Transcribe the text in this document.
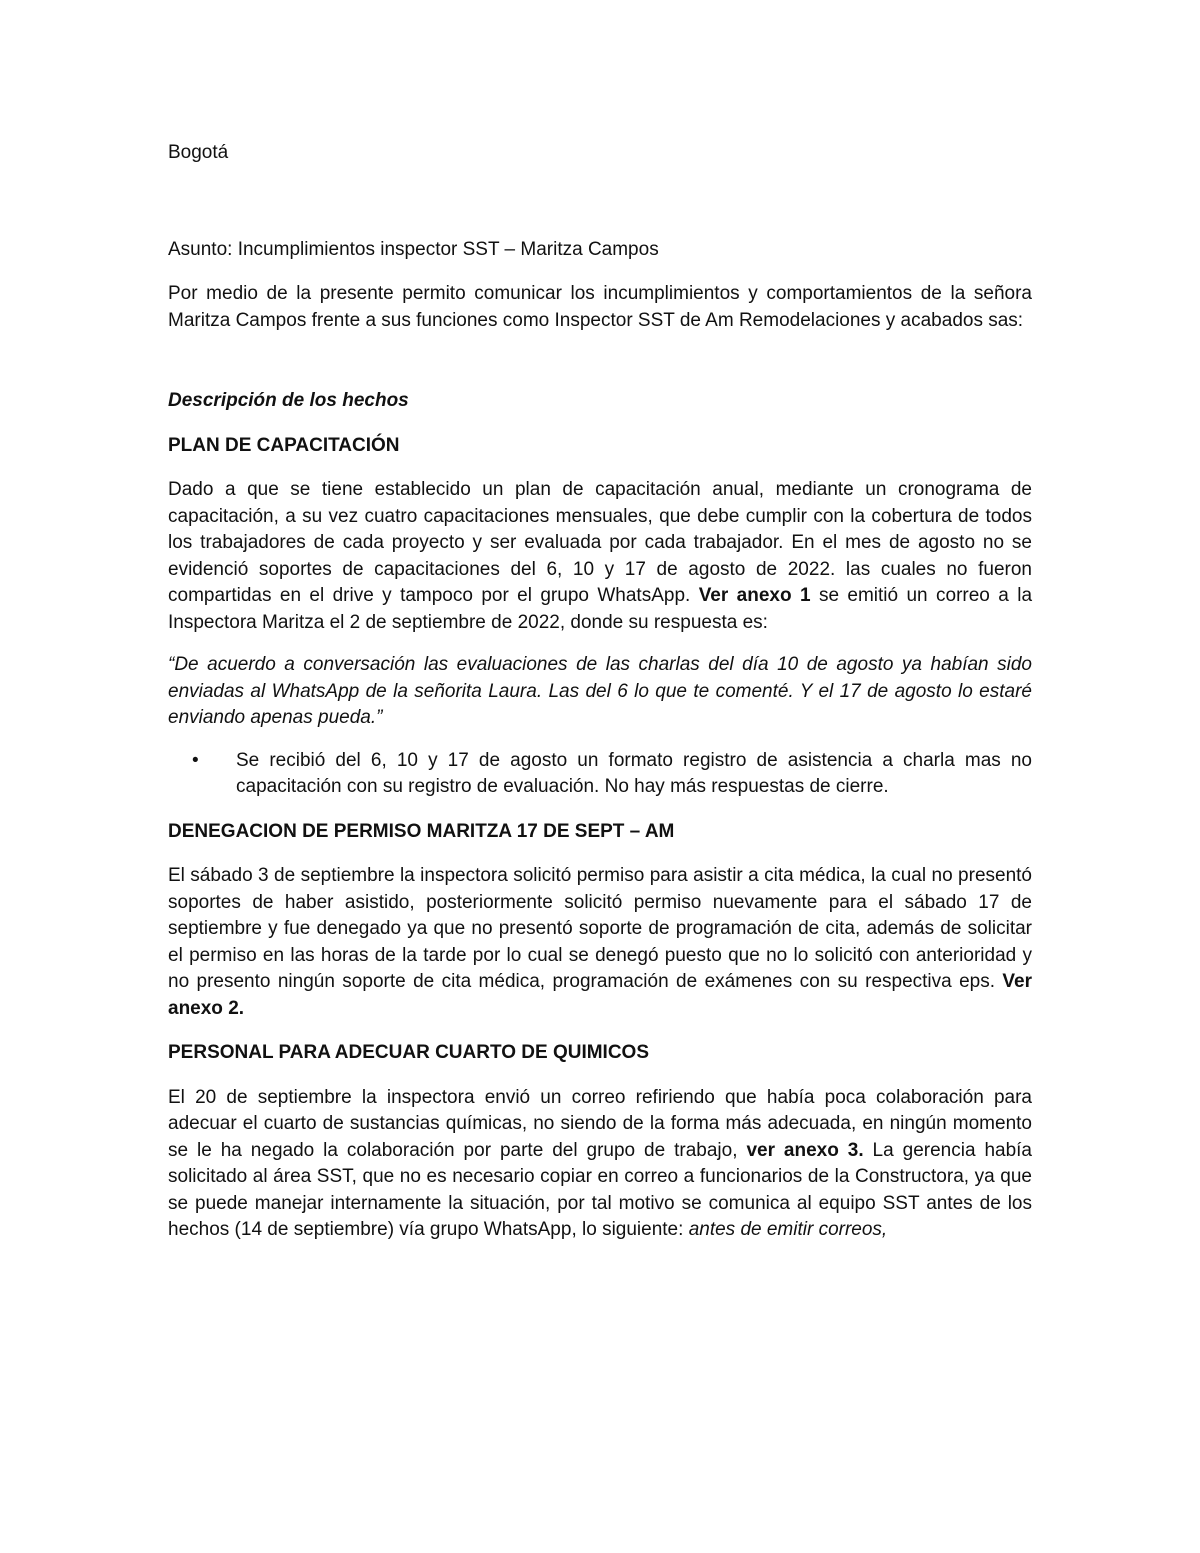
Bogotá

Asunto: Incumplimientos inspector SST – Maritza Campos

Por medio de la presente permito comunicar los incumplimientos y comportamientos de la señora Maritza Campos frente a sus funciones como Inspector SST de Am Remodelaciones y acabados sas:

Descripción de los hechos

PLAN DE CAPACITACIÓN

Dado a que se tiene establecido un plan de capacitación anual, mediante un cronograma de capacitación, a su vez cuatro capacitaciones mensuales, que debe cumplir con la cobertura de todos los trabajadores de cada proyecto y ser evaluada por cada trabajador. En el mes de agosto no se evidenció soportes de capacitaciones del 6, 10 y 17 de agosto de 2022. las cuales no fueron compartidas en el drive y tampoco por el grupo WhatsApp. Ver anexo 1 se emitió un correo a la Inspectora Maritza el 2 de septiembre de 2022, donde su respuesta es:

“De acuerdo a conversación las evaluaciones de las charlas del día 10 de agosto ya habían sido enviadas al WhatsApp de la señorita Laura. Las del 6 lo que te comenté. Y el 17 de agosto lo estaré enviando apenas pueda.”

•	Se recibió del 6, 10 y 17 de agosto un formato registro de asistencia a charla mas no capacitación con su registro de evaluación. No hay más respuestas de cierre.

DENEGACION DE PERMISO MARITZA 17 DE SEPT – AM

El sábado 3 de septiembre la inspectora solicitó permiso para asistir a cita médica, la cual no presentó soportes de haber asistido, posteriormente solicitó permiso nuevamente para el sábado 17 de septiembre y fue denegado ya que no presentó soporte de programación de cita, además de solicitar el permiso en las horas de la tarde por lo cual se denegó puesto que no lo solicitó con anterioridad y no presento ningún soporte de cita médica, programación de exámenes con su respectiva eps. Ver anexo 2.

PERSONAL PARA ADECUAR CUARTO DE QUIMICOS

El 20 de septiembre la inspectora envió un correo refiriendo que había poca colaboración para adecuar el cuarto de sustancias químicas, no siendo de la forma más adecuada, en ningún momento se le ha negado la colaboración por parte del grupo de trabajo, ver anexo 3. La gerencia había solicitado al área SST, que no es necesario copiar en correo a funcionarios de la Constructora, ya que se puede manejar internamente la situación, por tal motivo se comunica al equipo SST antes de los hechos (14 de septiembre) vía grupo WhatsApp, lo siguiente: antes de emitir correos,
